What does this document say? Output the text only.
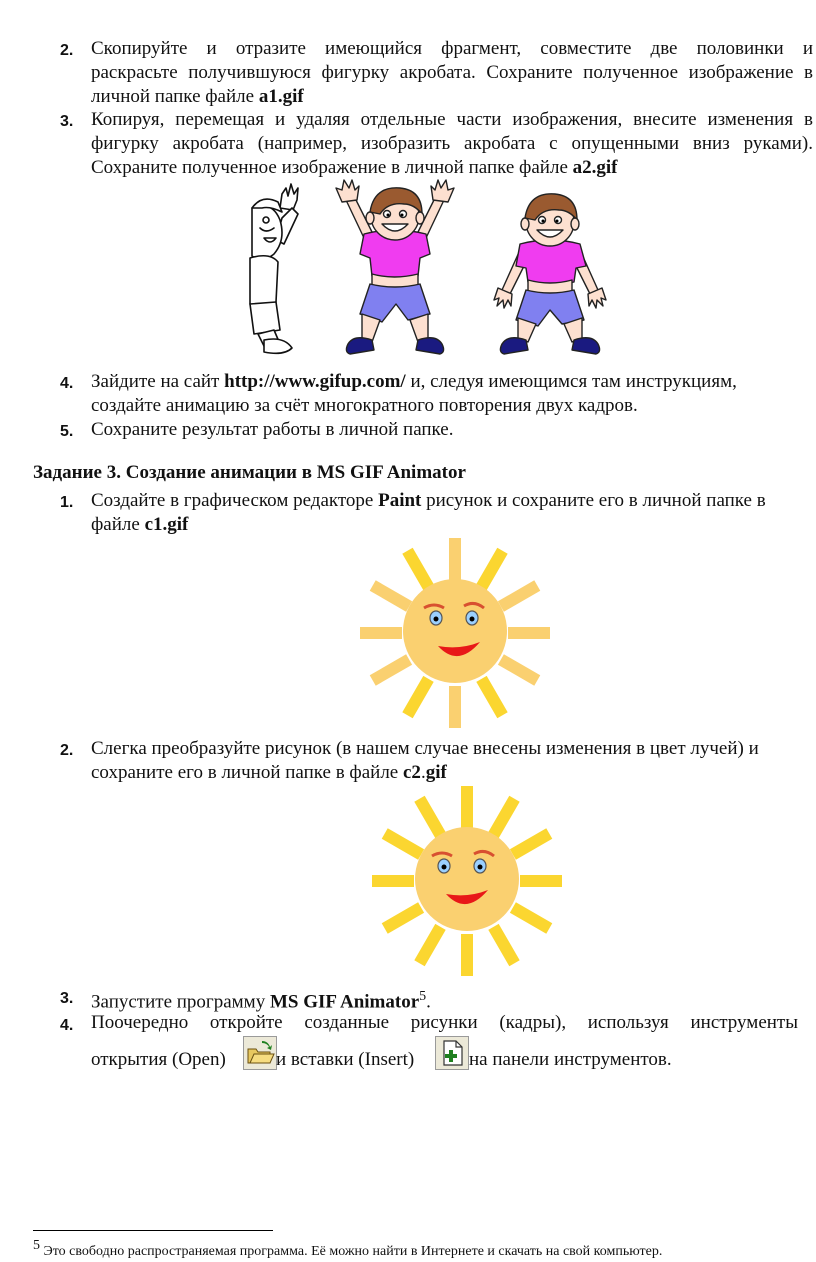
2. Скопируйте и отразите имеющийся фрагмент, совместите две половинки и
раскрасьте получившуюся фигурку акробата. Сохраните полученное изображение в
личной папке файле a1.gif
3. Копируя, перемещая и удаляя отдельные части изображения, внесите изменения в
фигурку акробата (например, изобразить акробата с опущенными вниз руками).
Сохраните полученное изображение в личной папке файле a2.gif
4. Зайдите на сайт http://www.gifup.com/ и, следуя имеющимся там инструкциям,
создайте анимацию за счёт многократного повторения двух кадров.
5. Сохраните результат работы в личной папке.
Задание 3. Создание анимации в MS GIF Animator
1. Создайте в графическом редакторе Paint рисунок и сохраните его в личной папке в
файле c1.gif
2. Слегка преобразуйте рисунок (в нашем случае внесены изменения в цвет лучей) и
сохраните его в личной папке в файле c2.gif
3. Запустите программу MS GIF Animator$^5$.
4. Поочередно откройте созданные рисунки (кадры), используя инструменты
открытия (Open)	и вставки (Insert)	на панели инструментов.
$^5$ Это свободно распространяемая программа. Её можно найти в Интернете и скачать на свой компьютер.
